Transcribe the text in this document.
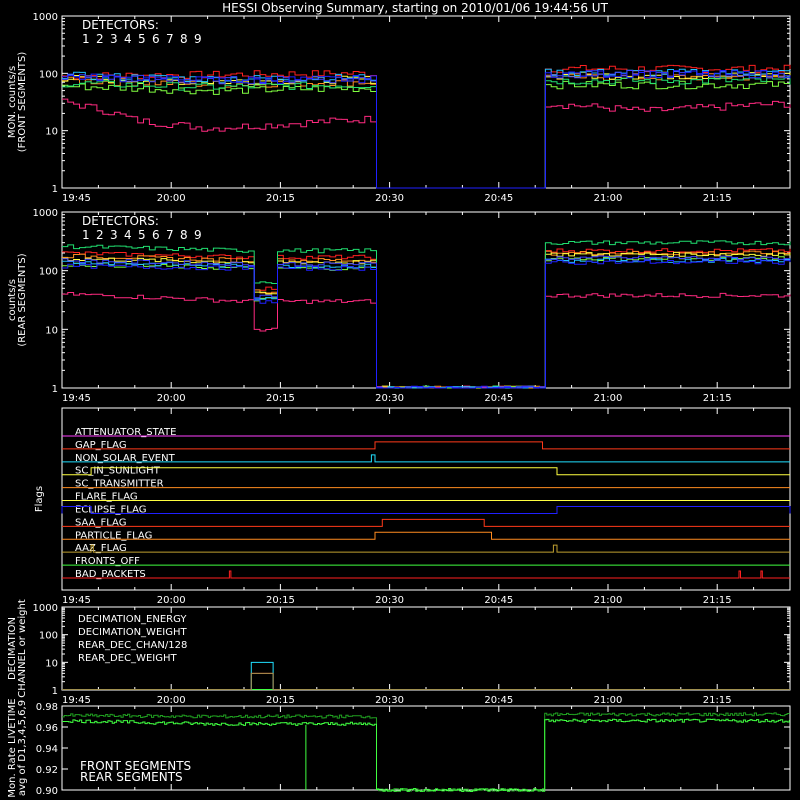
HESSI Observing Summary, starting on 2010/01/06 19:44:56 UT
19:45	20:00	20:15	20:30	20:45	21:00	21:15
1
10
100
1000
MON. counts/s (FRONT SEGMENTS)
DETECTORS:
1 2 3 4 5 6 7 8 9
19:45	20:00	20:15	20:30	20:45	21:00	21:15
1
10
100
1000
counts/s (REAR SEGMENTS)
DETECTORS:
1 2 3 4 5 6 7 8 9
19:45	20:00	20:15	20:30	20:45	21:00	21:15
Flags
ATTENUATOR_STATE
GAP_FLAG
NON_SOLAR_EVENT
SC_IN_SUNLIGHT
SC_TRANSMITTER
FLARE_FLAG
ECLIPSE_FLAG
SAA_FLAG
PARTICLE_FLAG
AAZ_FLAG
FRONTS_OFF
BAD_PACKETS
19:45	20:00	20:15	20:30	20:45	21:00	21:15
1
10
100
1000
DECIMATION CHANNEL or weight	DECIMATION_ENERGY
DECIMATION_WEIGHT
REAR_DEC_CHAN/128
REAR_DEC_WEIGHT
Mon. Rate LIVETIME avg of D1,3,4,5,6,9 0.90
0.92
0.94
0.96
0.98
FRONT SEGMENTS
REAR SEGMENTS
